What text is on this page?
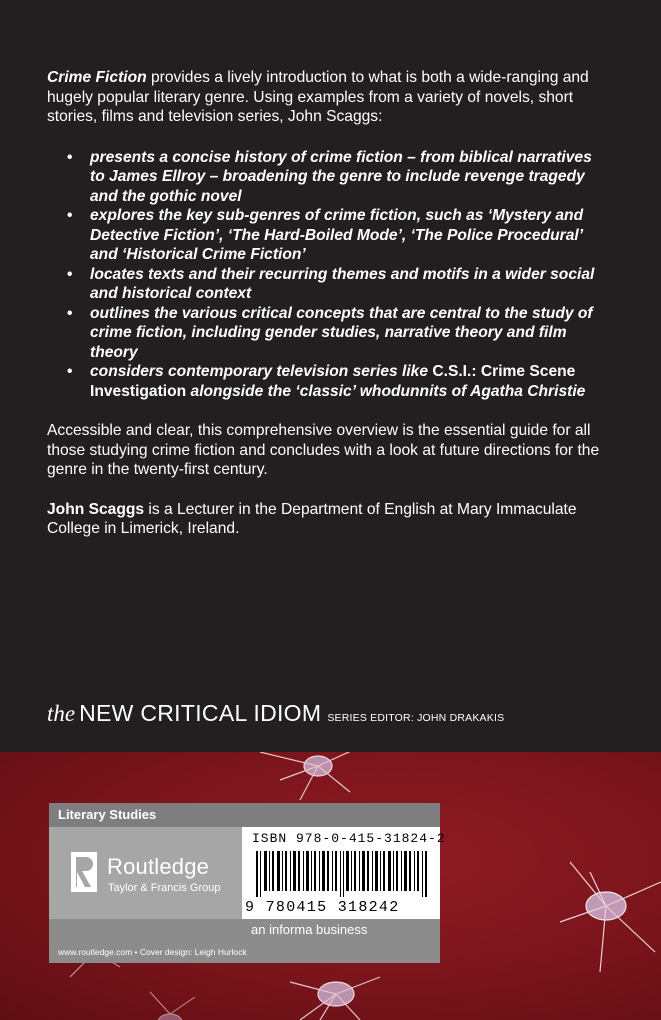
Crime Fiction provides a lively introduction to what is both a wide-ranging and hugely popular literary genre. Using examples from a variety of novels, short stories, films and television series, John Scaggs:

• presents a concise history of crime fiction – from biblical narratives to James Ellroy – broadening the genre to include revenge tragedy and the gothic novel
• explores the key sub-genres of crime fiction, such as ‘Mystery and Detective Fiction’, ‘The Hard-Boiled Mode’, ‘The Police Procedural’ and ‘Historical Crime Fiction’
• locates texts and their recurring themes and motifs in a wider social and historical context
• outlines the various critical concepts that are central to the study of crime fiction, including gender studies, narrative theory and film theory
• considers contemporary television series like C.S.I.: Crime Scene Investigation alongside the ‘classic’ whodunnits of Agatha Christie

Accessible and clear, this comprehensive overview is the essential guide for all those studying crime fiction and concludes with a look at future directions for the genre in the twenty-first century.

John Scaggs is a Lecturer in the Department of English at Mary Immaculate College in Limerick, Ireland.

the NEW CRITICAL IDIOM SERIES EDITOR: JOHN DRAKAKIS
Literary Studies
Routledge
Taylor & Francis Group
ISBN 978-0-415-31824-2
9 780415 318242
an informa business
www.routledge.com • Cover design: Leigh Hurlock
